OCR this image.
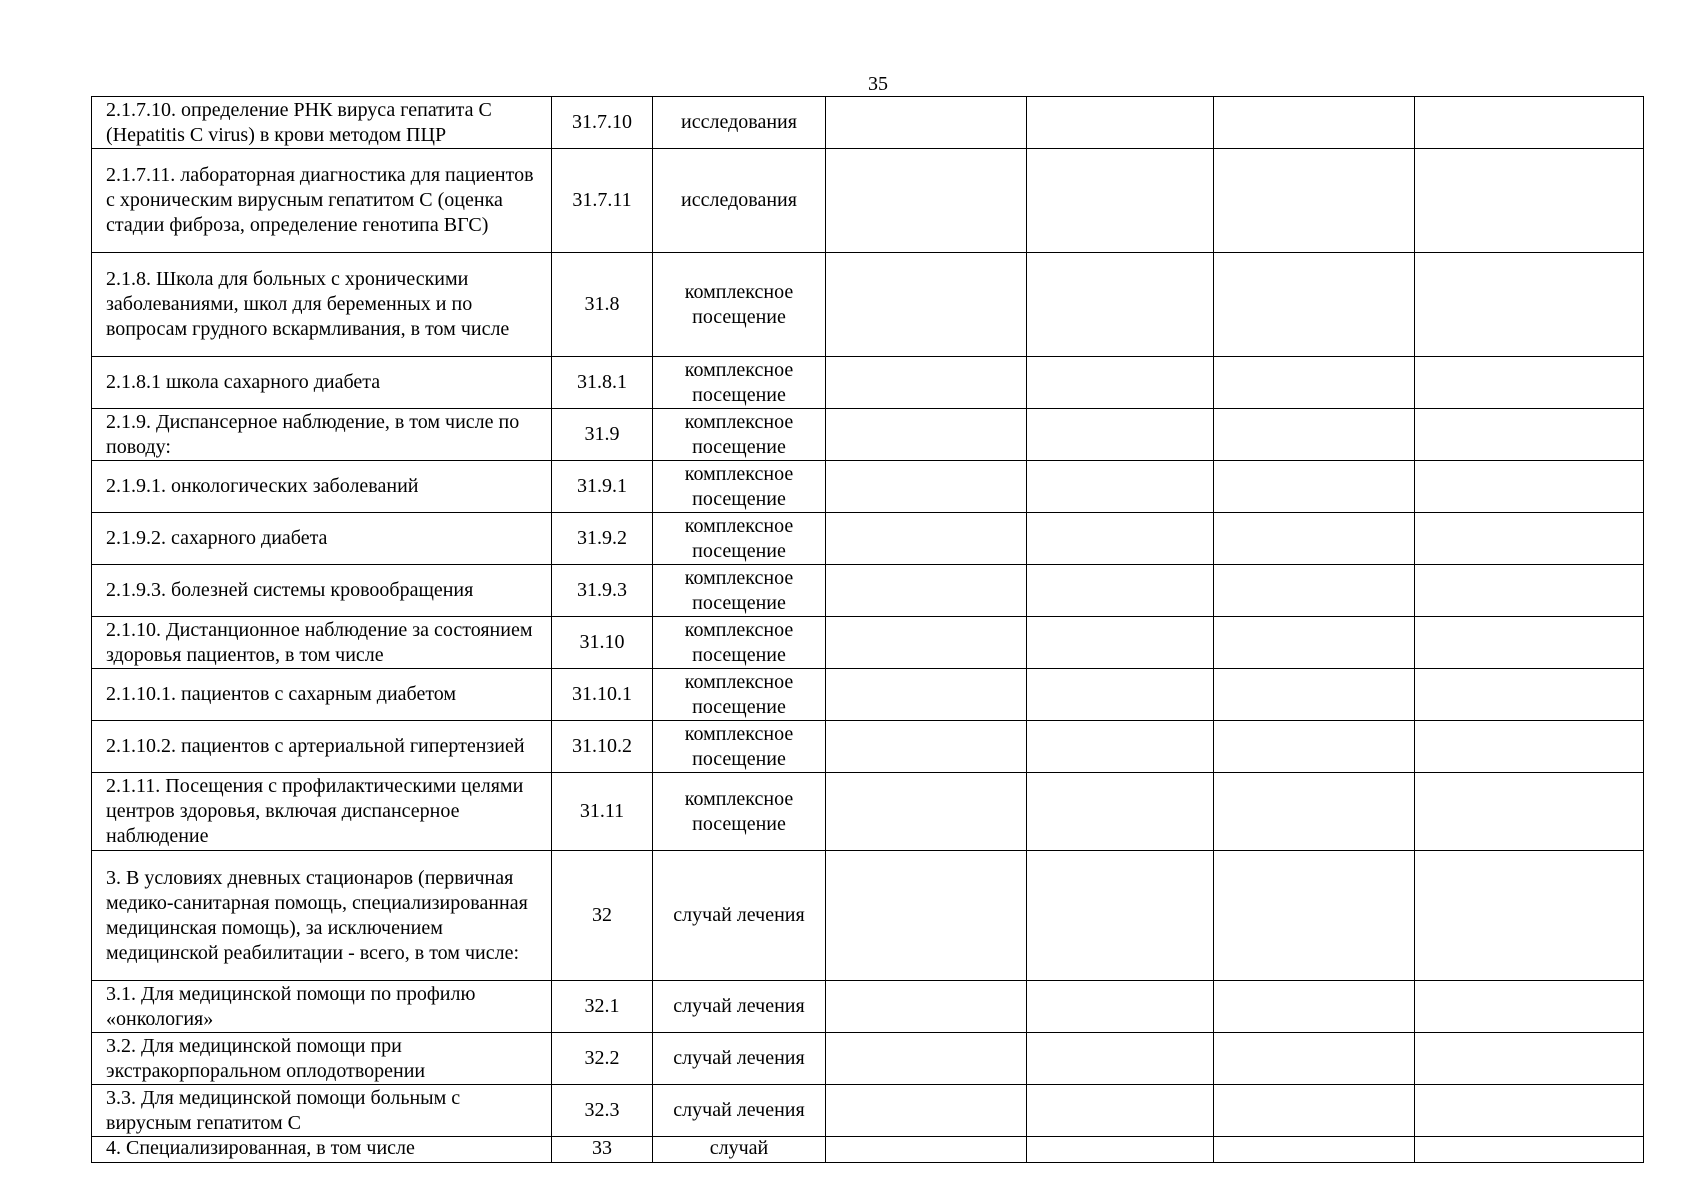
35
2.1.7.10. определение РНК вируса гепатита С (Hepatitis C virus) в крови методом ПЦР	31.7.10	исследования				
2.1.7.11. лабораторная диагностика для пациентов с хроническим вирусным гепатитом С (оценка стадии фиброза, определение генотипа ВГС)	31.7.11	исследования				
2.1.8. Школа для больных с хроническими заболеваниями, школ для беременных и по вопросам грудного вскармливания, в том числе	31.8	комплексное посещение				
2.1.8.1 школа сахарного диабета	31.8.1	комплексное посещение				
2.1.9. Диспансерное наблюдение, в том числе по поводу:	31.9	комплексное посещение				
2.1.9.1. онкологических заболеваний	31.9.1	комплексное посещение				
2.1.9.2. сахарного диабета	31.9.2	комплексное посещение				
2.1.9.3. болезней системы кровообращения	31.9.3	комплексное посещение				
2.1.10. Дистанционное наблюдение за состоянием здоровья пациентов, в том числе	31.10	комплексное посещение				
2.1.10.1. пациентов с сахарным диабетом	31.10.1	комплексное посещение				
2.1.10.2. пациентов с артериальной гипертензией	31.10.2	комплексное посещение				
2.1.11. Посещения с профилактическими целями центров здоровья, включая диспансерное наблюдение	31.11	комплексное посещение				
3. В условиях дневных стационаров (первичная медико-санитарная помощь, специализированная медицинская помощь), за исключением медицинской реабилитации - всего, в том числе:	32	случай лечения				
3.1. Для медицинской помощи по профилю «онкология»	32.1	случай лечения				
3.2. Для медицинской помощи при экстракорпоральном оплодотворении	32.2	случай лечения				
3.3. Для медицинской помощи больным с вирусным гепатитом С	32.3	случай лечения				
4. Специализированная, в том числе	33	случай				
